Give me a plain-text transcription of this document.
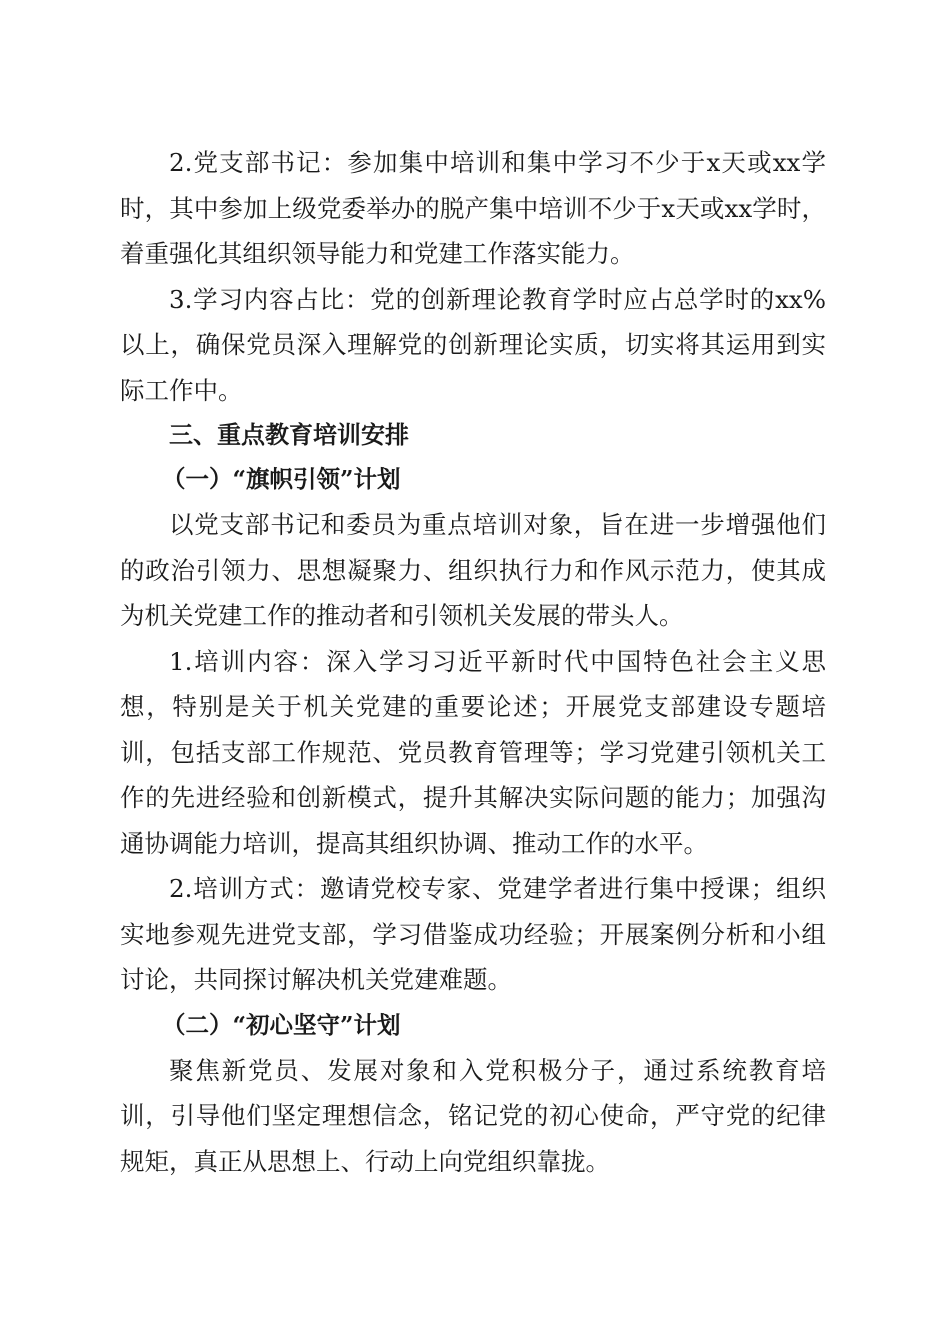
2.党支部书记：参加集中培训和集中学习不少于x天或xx学时，其中参加上级党委举办的脱产集中培训不少于x天或xx学时，着重强化其组织领导能力和党建工作落实能力。

3.学习内容占比：党的创新理论教育学时应占总学时的xx%以上，确保党员深入理解党的创新理论实质，切实将其运用到实际工作中。

三、重点教育培训安排
（一）“旗帜引领”计划

以党支部书记和委员为重点培训对象，旨在进一步增强他们的政治引领力、思想凝聚力、组织执行力和作风示范力，使其成为机关党建工作的推动者和引领机关发展的带头人。

1.培训内容：深入学习习近平新时代中国特色社会主义思想，特别是关于机关党建的重要论述；开展党支部建设专题培训，包括支部工作规范、党员教育管理等；学习党建引领机关工作的先进经验和创新模式，提升其解决实际问题的能力；加强沟通协调能力培训，提高其组织协调、推动工作的水平。

2.培训方式：邀请党校专家、党建学者进行集中授课；组织实地参观先进党支部，学习借鉴成功经验；开展案例分析和小组讨论，共同探讨解决机关党建难题。

（二）“初心坚守”计划

聚焦新党员、发展对象和入党积极分子，通过系统教育培训，引导他们坚定理想信念，铭记党的初心使命，严守党的纪律规矩，真正从思想上、行动上向党组织靠拢。
